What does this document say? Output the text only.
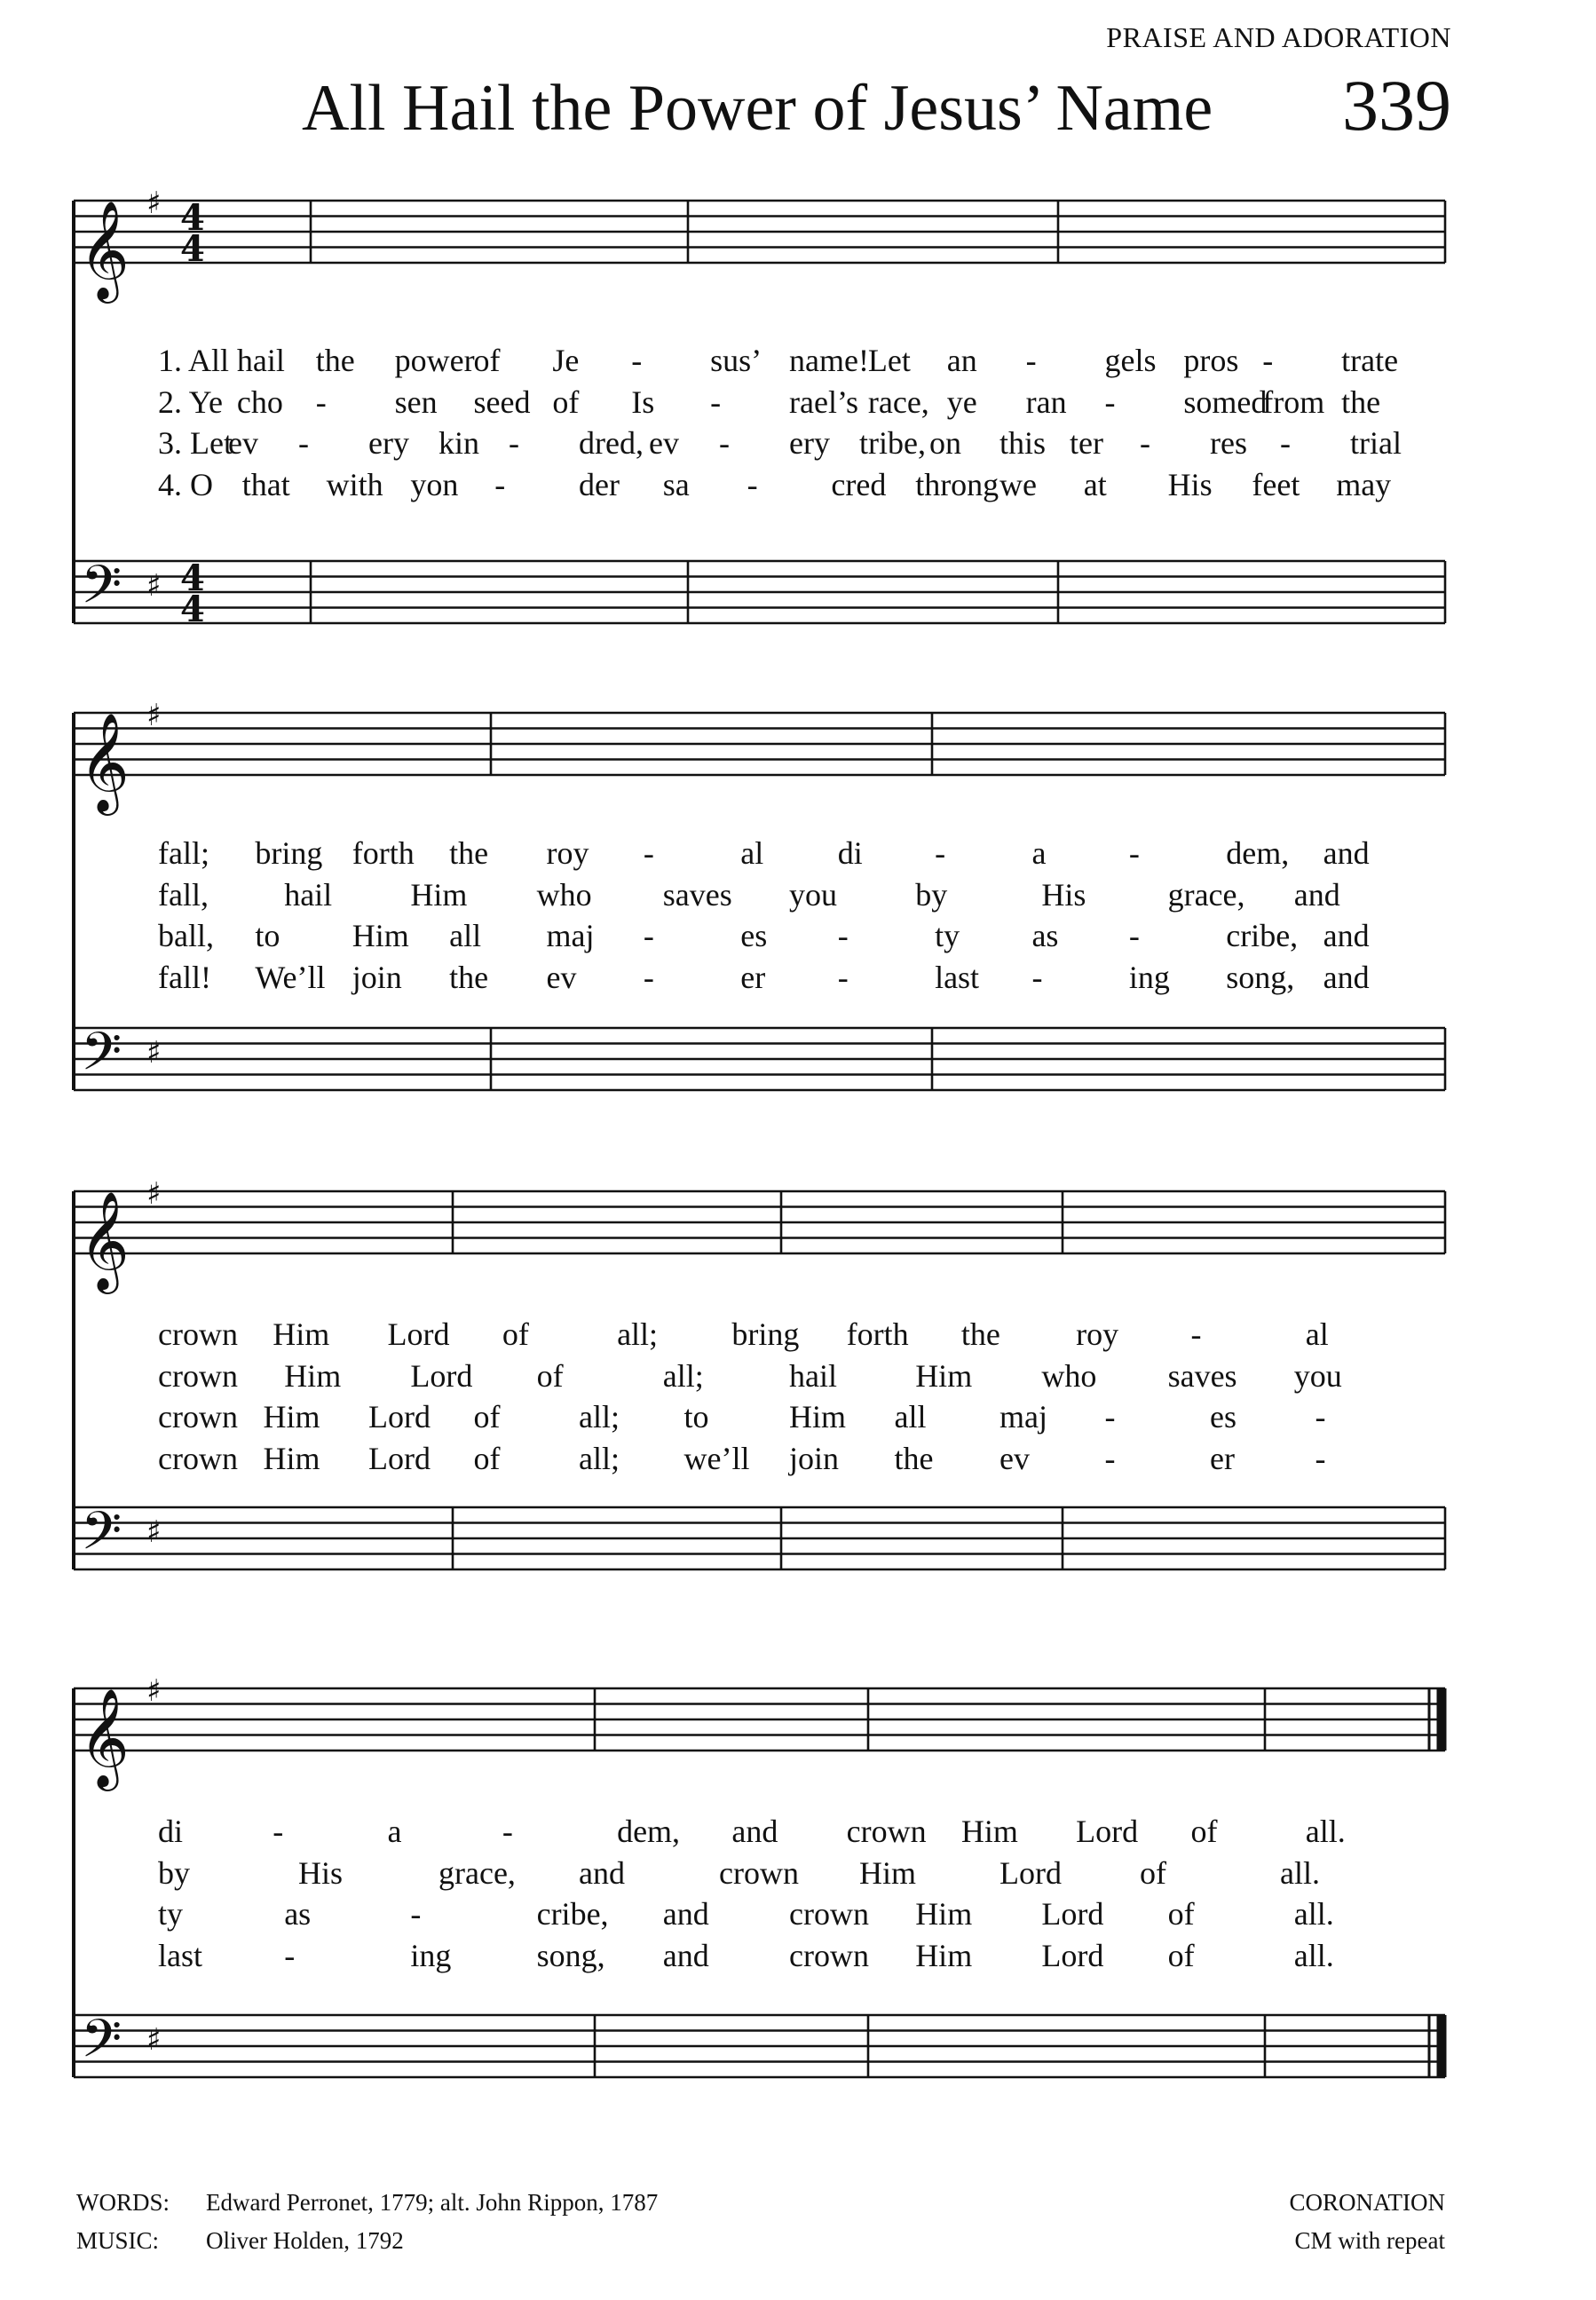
PRAISE AND ADORATION
All Hail the Power of Jesus’ Name 339
𝄞
𝄢
♯
♯
4
4
4
4
𝄞
𝄢
♯
♯
𝄞
𝄢
♯
♯
𝄞
𝄢
♯
♯
1. All hail the power
of Je - sus’ name!
Let an - gels pros - trate
2. Ye cho - sen seed of Is - rael’s race, ye ran - somed
from the
3. Let
ev - ery kin - dred, ev - ery tribe, on this ter - res - trial
4. O that with yon - der sa - cred throng we at His feet may
fall; bring forth the roy -	al di -	a	-	dem, and
fall, hail Him who saves you by	His	grace, and
ball, to Him all maj -	es -	ty as -	cribe, and
fall! We’ll join the ev -	er -	last -	ing song, and
crown Him Lord of	all; bring forth the roy -	al
crown Him Lord of	all;	hail Him who saves you
crown Him Lord of all; to	Him all maj -	es -
crown Him Lord of all; we’ll join the ev -	er	-
di	-	a	-	dem, and crown Him Lord of	all.
by	His	grace, and	crown Him	Lord of	all.
ty	as	-	cribe, and	crown Him Lord of	all.
last	-	ing	song, and	crown Him Lord of	all.
WORDS: Edward Perronet, 1779; alt. John Rippon, 1787
MUSIC: Oliver Holden, 1792
CORONATION
CM with repeat
